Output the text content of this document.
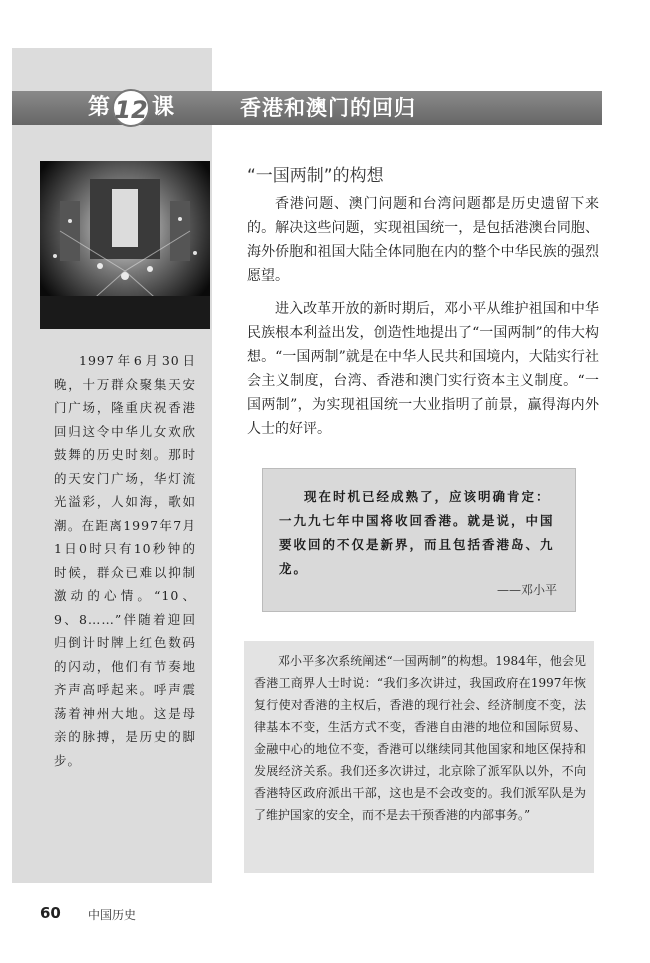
第 12 课	香港和澳门的回归
1997年6月30日晚，十万群众聚集天安门广场，隆重庆祝香港回归这令中华儿女欢欣鼓舞的历史时刻。那时的天安门广场，华灯流光溢彩，人如海，歌如潮。在距离1997年7月1日0时只有10秒钟的时候，群众已难以抑制激动的心情。“10、9、8……”伴随着迎回归倒计时牌上红色数码的闪动，他们有节奏地齐声高呼起来。呼声震荡着神州大地。这是母亲的脉搏，是历史的脚步。
“一国两制”的构想

香港问题、澳门问题和台湾问题都是历史遗留下来的。解决这些问题，实现祖国统一，是包括港澳台同胞、海外侨胞和祖国大陆全体同胞在内的整个中华民族的强烈愿望。

进入改革开放的新时期后，邓小平从维护祖国和中华民族根本利益出发，创造性地提出了“一国两制”的伟大构想。“一国两制”就是在中华人民共和国境内，大陆实行社会主义制度，台湾、香港和澳门实行资本主义制度。“一国两制”，为实现祖国统一大业指明了前景，赢得海内外人士的好评。

现在时机已经成熟了，应该明确肯定：一九九七年中国将收回香港。就是说，中国要收回的不仅是新界，而且包括香港岛、九龙。
——邓小平
邓小平多次系统阐述“一国两制”的构想。1984年，他会见香港工商界人士时说：“我们多次讲过，我国政府在1997年恢复行使对香港的主权后，香港的现行社会、经济制度不变，法律基本不变，生活方式不变，香港自由港的地位和国际贸易、金融中心的地位不变，香港可以继续同其他国家和地区保持和发展经济关系。我们还多次讲过，北京除了派军队以外，不向香港特区政府派出干部，这也是不会改变的。我们派军队是为了维护国家的安全，而不是去干预香港的内部事务。”
60 中国历史
